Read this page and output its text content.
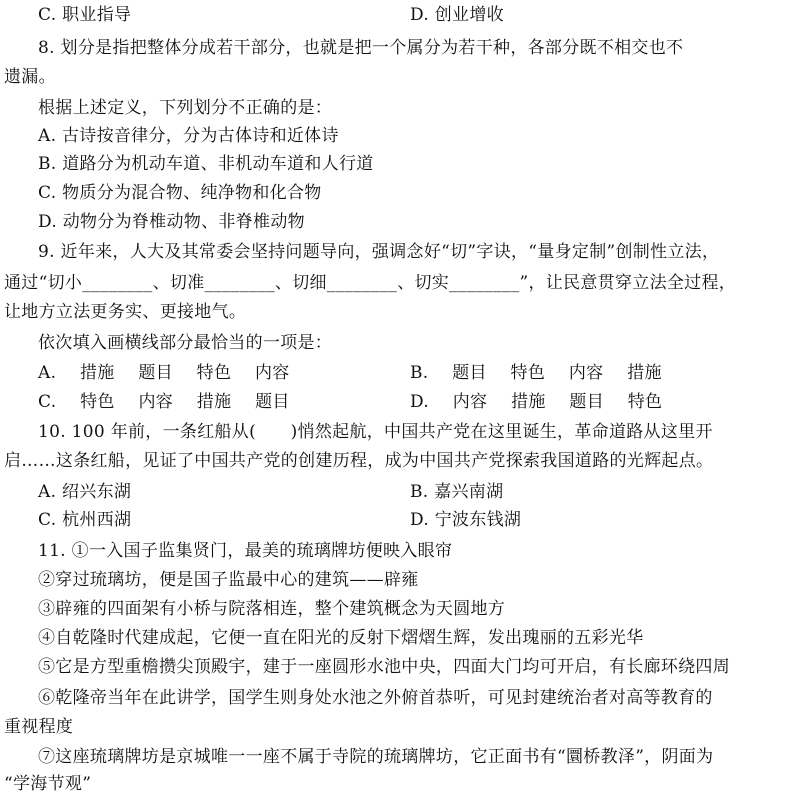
C. 职业指导	D. 创业增收
8. 划分是指把整体分成若干部分，也就是把一个属分为若干种，各部分既不相交也不
遗漏。
根据上述定义，下列划分不正确的是：
A. 古诗按音律分，分为古体诗和近体诗
B. 道路分为机动车道、非机动车道和人行道
C. 物质分为混合物、纯净物和化合物
D. 动物分为脊椎动物、非脊椎动物
9. 近年来，人大及其常委会坚持问题导向，强调念好“切”字诀，“量身定制”创制性立法，
通过“切小________、切准________、切细________、切实________”，让民意贯穿立法全过程，
让地方立法更务实、更接地气。
依次填入画横线部分最恰当的一项是：
A. 措施 题目 特色 内容	B. 题目 特色 内容 措施
C. 特色 内容 措施 题目	D. 内容 措施 题目 特色
10. 100 年前，一条红船从(　　)悄然起航，中国共产党在这里诞生，革命道路从这里开
启……这条红船，见证了中国共产党的创建历程，成为中国共产党探索我国道路的光辉起点。
A. 绍兴东湖	B. 嘉兴南湖
C. 杭州西湖	D. 宁波东钱湖
11. ①一入国子监集贤门，最美的琉璃牌坊便映入眼帘
②穿过琉璃坊，便是国子监最中心的建筑——辟雍
③辟雍的四面架有小桥与院落相连，整个建筑概念为天圆地方
④自乾隆时代建成起，它便一直在阳光的反射下熠熠生辉，发出瑰丽的五彩光华
⑤它是方型重檐攒尖顶殿宇，建于一座圆形水池中央，四面大门均可开启，有长廊环绕四周
⑥乾隆帝当年在此讲学，国学生则身处水池之外俯首恭听，可见封建统治者对高等教育的
重视程度
⑦这座琉璃牌坊是京城唯一一座不属于寺院的琉璃牌坊，它正面书有“圜桥教泽”，阴面为
“学海节观”
